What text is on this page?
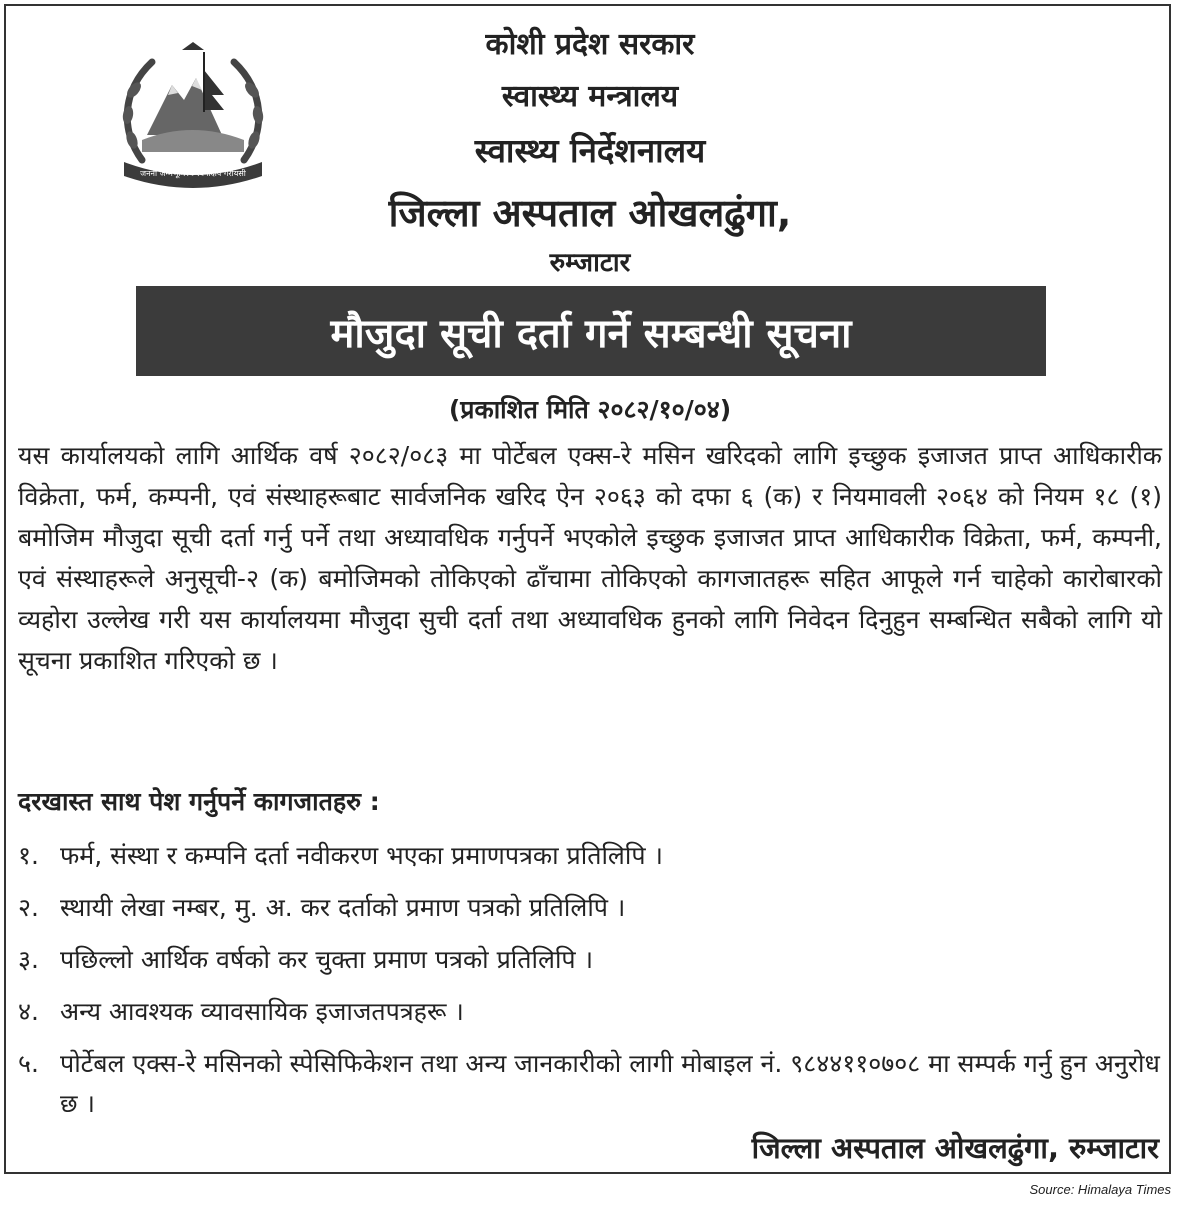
जननी जन्मभूमिश्च स्वर्गादपि गरीयसी
कोशी प्रदेश सरकार
स्वास्थ्य मन्त्रालय
स्वास्थ्य निर्देशनालय
जिल्ला अस्पताल ओखलढुंगा,
रुम्जाटार
मौजुदा सूची दर्ता गर्ने सम्बन्धी सूचना
(प्रकाशित मिति २०८२/१०/०४)
यस कार्यालयको लागि आर्थिक वर्ष २०८२/०८३ मा पोर्टेबल एक्स-रे मसिन खरिदको लागि इच्छुक इजाजत प्राप्त आधिकारीक विक्रेता, फर्म, कम्पनी, एवं संस्थाहरूबाट सार्वजनिक खरिद ऐन २०६३ को दफा ६ (क) र नियमावली २०६४ को नियम १८ (१) बमोजिम मौजुदा सूची दर्ता गर्नु पर्ने तथा अध्यावधिक गर्नुपर्ने भएकोले इच्छुक इजाजत प्राप्त आधिकारीक विक्रेता, फर्म, कम्पनी, एवं संस्थाहरूले अनुसूची-२ (क) बमोजिमको तोकिएको ढाँचामा तोकिएको कागजातहरू सहित आफूले गर्न चाहेको कारोबारको व्यहोरा उल्लेख गरी यस कार्यालयमा मौजुदा सुची दर्ता तथा अध्यावधिक हुनको लागि निवेदन दिनुहुन सम्बन्धित सबैको लागि यो सूचना प्रकाशित गरिएको छ ।
दरखास्त साथ पेश गर्नुपर्ने कागजातहरु :
१. फर्म, संस्था र कम्पनि दर्ता नवीकरण भएका प्रमाणपत्रका प्रतिलिपि ।
२. स्थायी लेखा नम्बर, मु. अ. कर दर्ताको प्रमाण पत्रको प्रतिलिपि ।
३. पछिल्लो आर्थिक वर्षको कर चुक्ता प्रमाण पत्रको प्रतिलिपि ।
४. अन्य आवश्यक व्यावसायिक इजाजतपत्रहरू ।
५. पोर्टेबल एक्स-रे मसिनको स्पेसिफिकेशन तथा अन्य जानकारीको लागी मोबाइल नं. ९८४४११०७०८ मा सम्पर्क गर्नु हुन अनुरोध छ ।
जिल्ला अस्पताल ओखलढुंगा, रुम्जाटार
Source: Himalaya Times
